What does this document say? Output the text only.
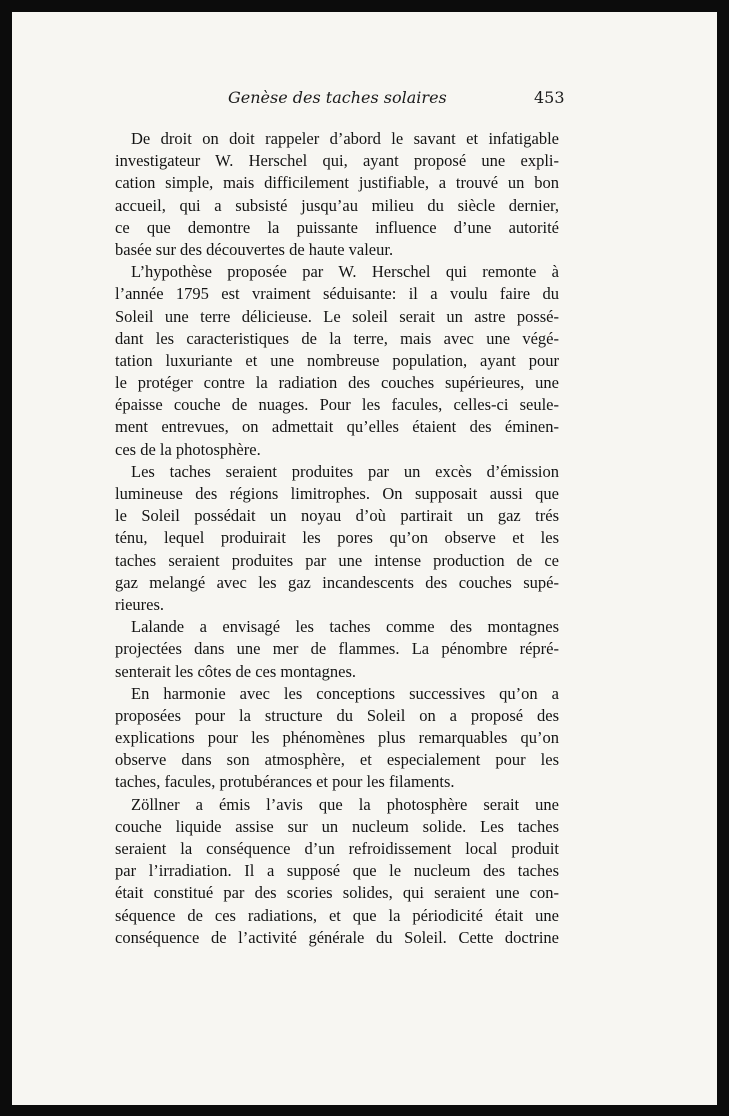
Genèse des taches solaires	453
De droit on doit rappeler d’abord le savant et infatigable
investigateur W. Herschel qui, ayant proposé une expli-
cation simple, mais difficilement justifiable, a trouvé un bon
accueil, qui a subsisté jusqu’au milieu du siècle dernier,
ce que demontre la puissante influence d’une autorité
basée sur des découvertes de haute valeur.
L’hypothèse proposée par W. Herschel qui remonte à
l’année 1795 est vraiment séduisante: il a voulu faire du
Soleil une terre délicieuse. Le soleil serait un astre possé-
dant les caracteristiques de la terre, mais avec une végé-
tation luxuriante et une nombreuse population, ayant pour
le protéger contre la radiation des couches supérieures, une
épaisse couche de nuages. Pour les facules, celles-ci seule-
ment entrevues, on admettait qu’elles étaient des éminen-
ces de la photosphère.
Les taches seraient produites par un excès d’émission
lumineuse des régions limitrophes. On supposait aussi que
le Soleil possédait un noyau d’où partirait un gaz trés
ténu, lequel produirait les pores qu’on observe et les
taches seraient produites par une intense production de ce
gaz melangé avec les gaz incandescents des couches supé-
rieures.
Lalande a envisagé les taches comme des montagnes
projectées dans une mer de flammes. La pénombre répré-
senterait les côtes de ces montagnes.
En harmonie avec les conceptions successives qu’on a
proposées pour la structure du Soleil on a proposé des
explications pour les phénomènes plus remarquables qu’on
observe dans son atmosphère, et especialement pour les
taches, facules, protubérances et pour les filaments.
Zöllner a émis l’avis que la photosphère serait une
couche liquide assise sur un nucleum solide. Les taches
seraient la conséquence d’un refroidissement local produit
par l’irradiation. Il a supposé que le nucleum des taches
était constitué par des scories solides, qui seraient une con-
séquence de ces radiations, et que la périodicité était une
conséquence de l’activité générale du Soleil. Cette doctrine
